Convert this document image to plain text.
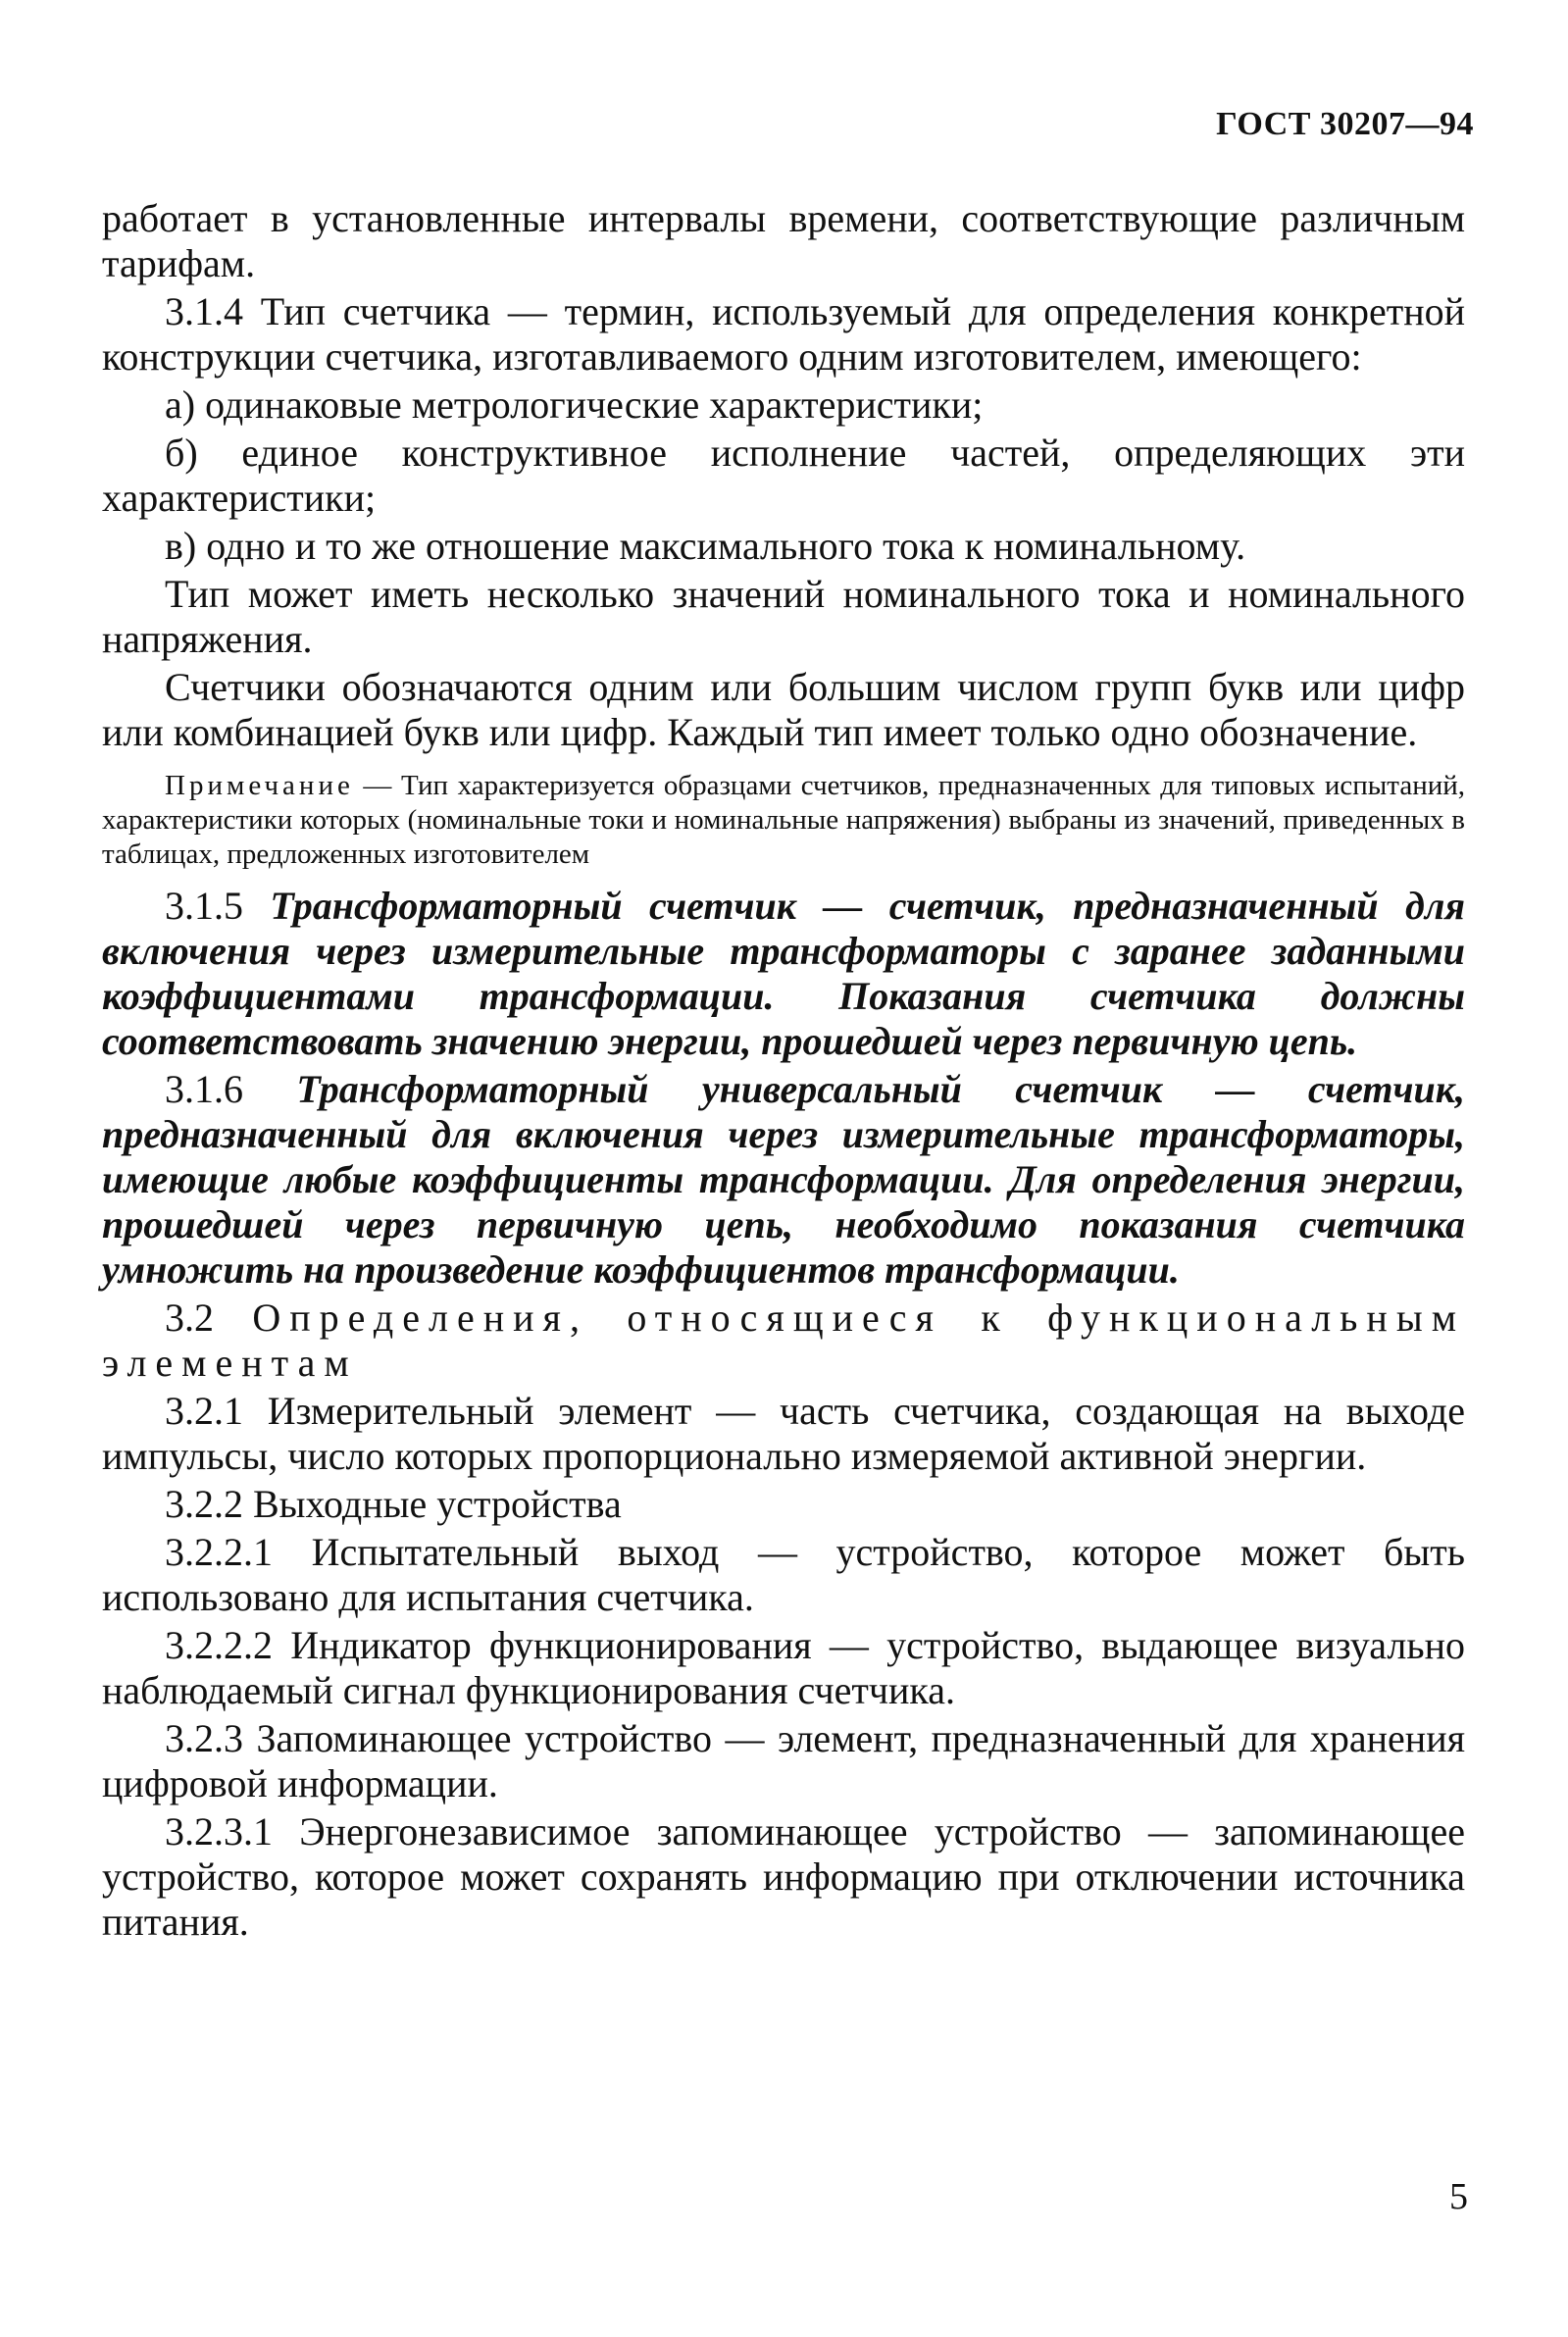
ГОСТ 30207—94

работает в установленные интервалы времени, соответствующие различным тарифам.

3.1.4 Тип счетчика — термин, используемый для определения конкретной конструкции счетчика, изготавливаемого одним изготовителем, имеющего:

а) одинаковые метрологические характеристики;

б) единое конструктивное исполнение частей, определяющих эти характеристики;

в) одно и то же отношение максимального тока к номинальному.

Тип может иметь несколько значений номинального тока и номинального напряжения.

Счетчики обозначаются одним или большим числом групп букв или цифр или комбинацией букв или цифр. Каждый тип имеет только одно обозначение.

Примечание — Тип характеризуется образцами счетчиков, предназначенных для типовых испытаний, характеристики которых (номинальные токи и номинальные напряжения) выбраны из значений, приведенных в таблицах, предложенных изготовителем

3.1.5 Трансформаторный счетчик — счетчик, предназначенный для включения через измерительные трансформаторы с заранее заданными коэффициентами трансформации. Показания счетчика должны соответствовать значению энергии, прошедшей через первичную цепь.

3.1.6 Трансформаторный универсальный счетчик — счетчик, предназначенный для включения через измерительные трансформаторы, имеющие любые коэффициенты трансформации. Для определения энергии, прошедшей через первичную цепь, необходимо показания счетчика умножить на произведение коэффициентов трансформации.

3.2 Определения, относящиеся к функциональным элементам

3.2.1 Измерительный элемент — часть счетчика, создающая на выходе импульсы, число которых пропорционально измеряемой активной энергии.

3.2.2 Выходные устройства

3.2.2.1 Испытательный выход — устройство, которое может быть использовано для испытания счетчика.

3.2.2.2 Индикатор функционирования — устройство, выдающее визуально наблюдаемый сигнал функционирования счетчика.

3.2.3 Запоминающее устройство — элемент, предназначенный для хранения цифровой информации.

3.2.3.1 Энергонезависимое запоминающее устройство — запоминающее устройство, которое может сохранять информацию при отключении источника питания.

5
